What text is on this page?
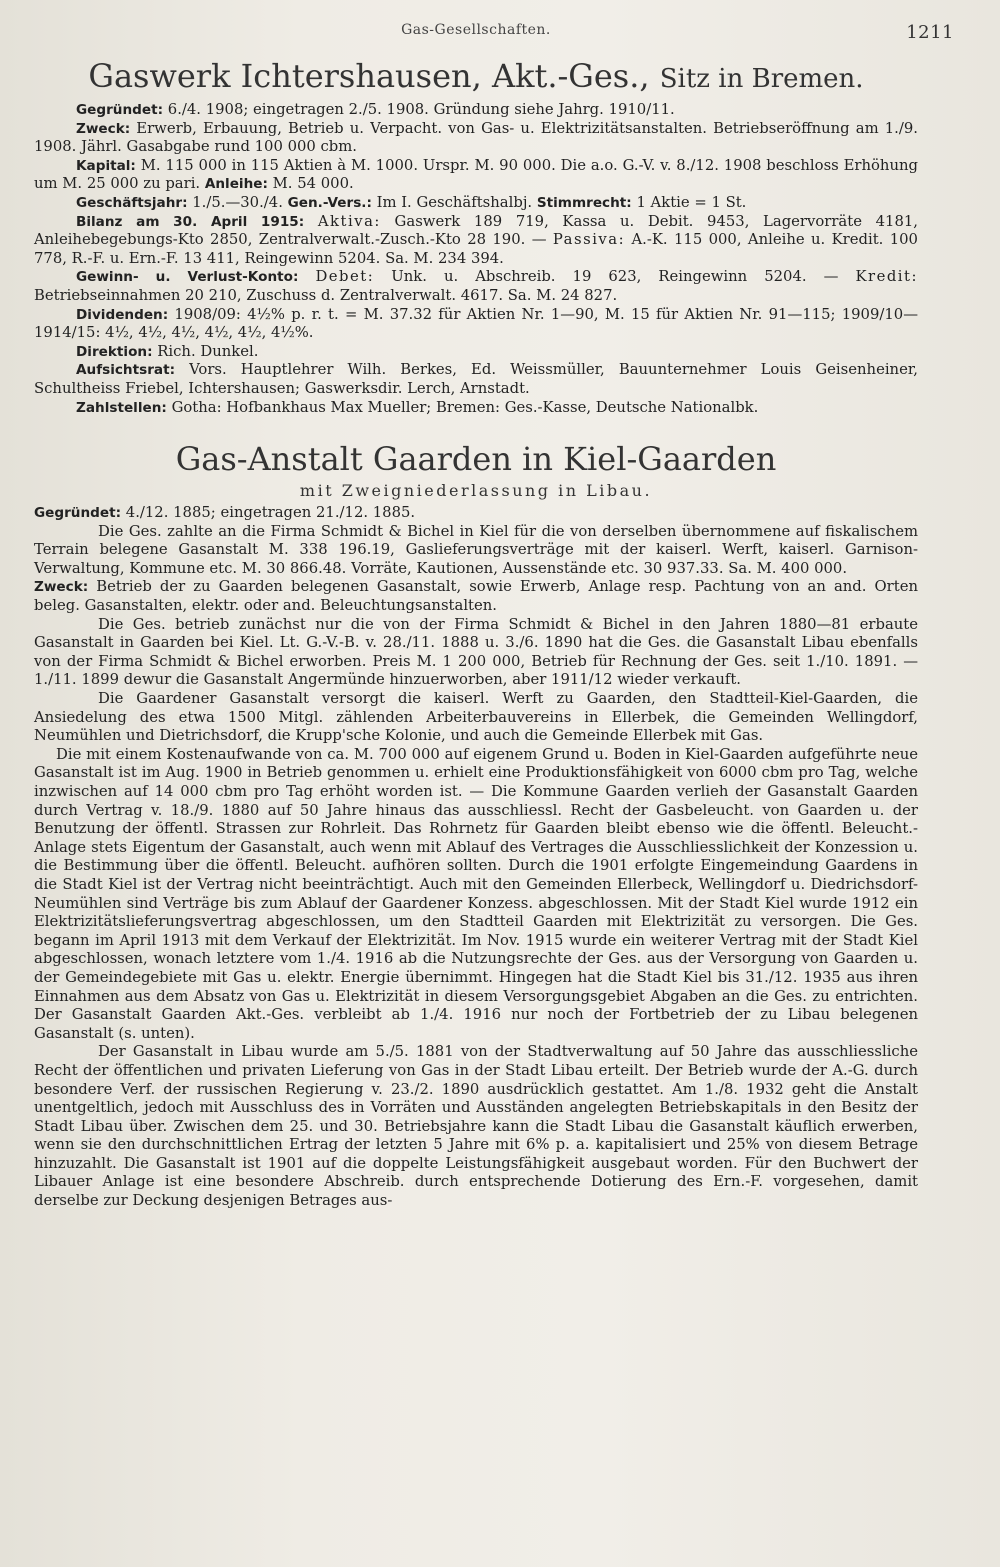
Gas-Gesellschaften.	1211
Gaswerk Ichtershausen, Akt.-Ges., Sitz in Bremen.

Gegründet: 6./4. 1908; eingetragen 2./5. 1908. Gründung siehe Jahrg. 1910/11.

Zweck: Erwerb, Erbauung, Betrieb u. Verpacht. von Gas- u. Elektrizitätsanstalten. Betriebseröffnung am 1./9. 1908. Jährl. Gasabgabe rund 100 000 cbm.

Kapital: M. 115 000 in 115 Aktien à M. 1000. Urspr. M. 90 000. Die a.o. G.-V. v. 8./12. 1908 beschloss Erhöhung um M. 25 000 zu pari. Anleihe: M. 54 000.

Geschäftsjahr: 1./5.—30./4. Gen.-Vers.: Im I. Geschäftshalbj. Stimmrecht: 1 Aktie = 1 St.

Bilanz am 30. April 1915: Aktiva: Gaswerk 189 719, Kassa u. Debit. 9453, Lagervorräte 4181, Anleihebegebungs-Kto 2850, Zentralverwalt.-Zusch.-Kto 28 190. — Passiva: A.-K. 115 000, Anleihe u. Kredit. 100 778, R.-F. u. Ern.-F. 13 411, Reingewinn 5204. Sa. M. 234 394.

Gewinn- u. Verlust-Konto: Debet: Unk. u. Abschreib. 19 623, Reingewinn 5204. — Kredit: Betriebseinnahmen 20 210, Zuschuss d. Zentralverwalt. 4617. Sa. M. 24 827.

Dividenden: 1908/09: 4½% p. r. t. = M. 37.32 für Aktien Nr. 1—90, M. 15 für Aktien Nr. 91—115; 1909/10—1914/15: 4½, 4½, 4½, 4½, 4½, 4½%.

Direktion: Rich. Dunkel.

Aufsichtsrat: Vors. Hauptlehrer Wilh. Berkes, Ed. Weissmüller, Bauunternehmer Louis Geisenheiner, Schultheiss Friebel, Ichtershausen; Gaswerksdir. Lerch, Arnstadt.

Zahlstellen: Gotha: Hofbankhaus Max Mueller; Bremen: Ges.-Kasse, Deutsche Nationalbk.

Gas-Anstalt Gaarden in Kiel-Gaarden
mit Zweigniederlassung in Libau.

Gegründet: 4./12. 1885; eingetragen 21./12. 1885.

Die Ges. zahlte an die Firma Schmidt & Bichel in Kiel für die von derselben übernommene auf fiskalischem Terrain belegene Gasanstalt M. 338 196.19, Gaslieferungsverträge mit der kaiserl. Werft, kaiserl. Garnison-Verwaltung, Kommune etc. M. 30 866.48. Vorräte, Kautionen, Aussenstände etc. 30 937.33. Sa. M. 400 000.

Zweck: Betrieb der zu Gaarden belegenen Gasanstalt, sowie Erwerb, Anlage resp. Pachtung von an and. Orten beleg. Gasanstalten, elektr. oder and. Beleuchtungsanstalten.

Die Ges. betrieb zunächst nur die von der Firma Schmidt & Bichel in den Jahren 1880—81 erbaute Gasanstalt in Gaarden bei Kiel. Lt. G.-V.-B. v. 28./11. 1888 u. 3./6. 1890 hat die Ges. die Gasanstalt Libau ebenfalls von der Firma Schmidt & Bichel erworben. Preis M. 1 200 000, Betrieb für Rechnung der Ges. seit 1./10. 1891. — 1./11. 1899 dewur die Gasanstalt Angermünde hinzuerworben, aber 1911/12 wieder verkauft.

Die Gaardener Gasanstalt versorgt die kaiserl. Werft zu Gaarden, den Stadtteil-Kiel-Gaarden, die Ansiedelung des etwa 1500 Mitgl. zählenden Arbeiterbauvereins in Ellerbek, die Gemeinden Wellingdorf, Neumühlen und Dietrichsdorf, die Krupp'sche Kolonie, und auch die Gemeinde Ellerbek mit Gas.

Die mit einem Kostenaufwande von ca. M. 700 000 auf eigenem Grund u. Boden in Kiel-Gaarden aufgeführte neue Gasanstalt ist im Aug. 1900 in Betrieb genommen u. erhielt eine Produktionsfähigkeit von 6000 cbm pro Tag, welche inzwischen auf 14 000 cbm pro Tag erhöht worden ist. — Die Kommune Gaarden verlieh der Gasanstalt Gaarden durch Vertrag v. 18./9. 1880 auf 50 Jahre hinaus das ausschliessl. Recht der Gasbeleucht. von Gaarden u. der Benutzung der öffentl. Strassen zur Rohrleit. Das Rohrnetz für Gaarden bleibt ebenso wie die öffentl. Beleucht.-Anlage stets Eigentum der Gasanstalt, auch wenn mit Ablauf des Vertrages die Ausschliesslichkeit der Konzession u. die Bestimmung über die öffentl. Beleucht. aufhören sollten. Durch die 1901 erfolgte Eingemeindung Gaardens in die Stadt Kiel ist der Vertrag nicht beeinträchtigt. Auch mit den Gemeinden Ellerbeck, Wellingdorf u. Diedrichsdorf-Neumühlen sind Verträge bis zum Ablauf der Gaardener Konzess. abgeschlossen. Mit der Stadt Kiel wurde 1912 ein Elektrizitätslieferungsvertrag abgeschlossen, um den Stadtteil Gaarden mit Elektrizität zu versorgen. Die Ges. begann im April 1913 mit dem Verkauf der Elektrizität. Im Nov. 1915 wurde ein weiterer Vertrag mit der Stadt Kiel abgeschlossen, wonach letztere vom 1./4. 1916 ab die Nutzungsrechte der Ges. aus der Versorgung von Gaarden u. der Gemeindegebiete mit Gas u. elektr. Energie übernimmt. Hingegen hat die Stadt Kiel bis 31./12. 1935 aus ihren Einnahmen aus dem Absatz von Gas u. Elektrizität in diesem Versorgungsgebiet Abgaben an die Ges. zu entrichten. Der Gasanstalt Gaarden Akt.-Ges. verbleibt ab 1./4. 1916 nur noch der Fortbetrieb der zu Libau belegenen Gasanstalt (s. unten).

Der Gasanstalt in Libau wurde am 5./5. 1881 von der Stadtverwaltung auf 50 Jahre das ausschliessliche Recht der öffentlichen und privaten Lieferung von Gas in der Stadt Libau erteilt. Der Betrieb wurde der A.-G. durch besondere Verf. der russischen Regierung v. 23./2. 1890 ausdrücklich gestattet. Am 1./8. 1932 geht die Anstalt unentgeltlich, jedoch mit Ausschluss des in Vorräten und Ausständen angelegten Betriebskapitals in den Besitz der Stadt Libau über. Zwischen dem 25. und 30. Betriebsjahre kann die Stadt Libau die Gasanstalt käuflich erwerben, wenn sie den durchschnittlichen Ertrag der letzten 5 Jahre mit 6% p. a. kapitalisiert und 25% von diesem Betrage hinzuzahlt. Die Gasanstalt ist 1901 auf die doppelte Leistungsfähigkeit ausgebaut worden. Für den Buchwert der Libauer Anlage ist eine besondere Abschreib. durch entsprechende Dotierung des Ern.-F. vorgesehen, damit derselbe zur Deckung desjenigen Betrages aus-
